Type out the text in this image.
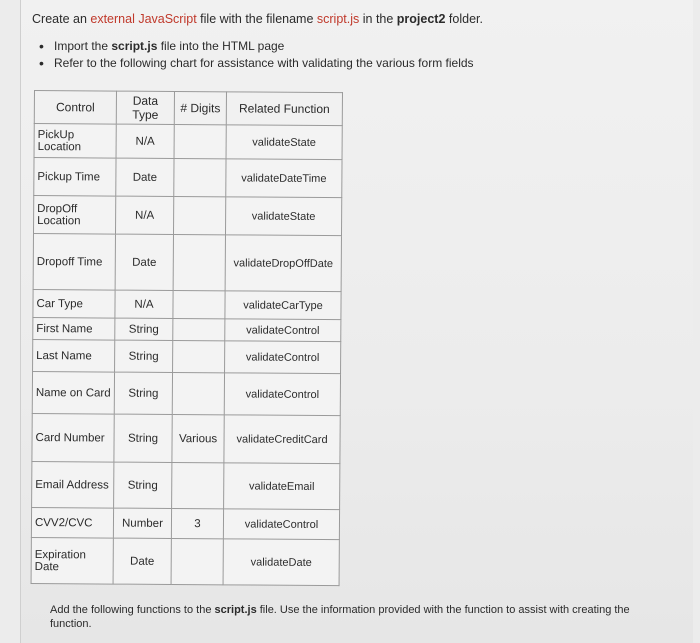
Create an external JavaScript file with the filename script.js in the project2 folder.
• Import the script.js file into the HTML page
• Refer to the following chart for assistance with validating the various form fields
Control	Data Type	# Digits	Related Function
PickUp Location	N/A		validateState
Pickup Time	Date		validateDateTime
DropOff Location	N/A		validateState
Dropoff Time	Date		validateDropOffDate
Car Type	N/A		validateCarType
First Name	String		validateControl
Last Name	String		validateControl
Name on Card	String		validateControl
Card Number	String	Various	validateCreditCard
Email Address	String		validateEmail
CVV2/CVC	Number	3	validateControl
Expiration Date	Date		validateDate
Add the following functions to the script.js file. Use the information provided with the function to assist with creating the function.
